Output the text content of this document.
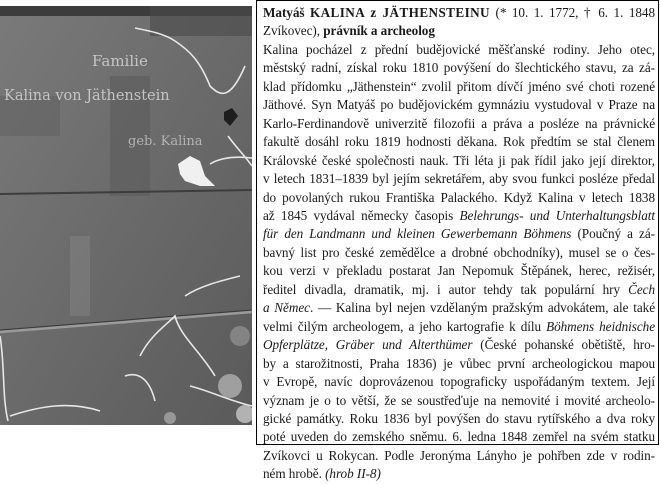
Familie
Kalina von Jäthenstein
geb. Kalina
Matyáš KALINA z JÄTHENSTEINU (* 10. 1. 1772, † 6. 1. 1848
Zvíkovec), právník a archeolog
Kalina pocházel z přední budějovické měšťanské rodiny. Jeho otec,
městský radní, získal roku 1810 povýšení do šlechtického stavu, za zá-
klad přídomku „Jäthenstein“ zvolil přitom dívčí jméno své choti rozené
Jäthové. Syn Matyáš po budějovickém gymnáziu vystudoval v Praze na
Karlo-Ferdinandově univerzitě filozofii a práva a posléze na právnické
fakultě dosáhl roku 1819 hodnosti děkana. Rok předtím se stal členem
Královské české společnosti nauk. Tři léta ji pak řídil jako její direktor,
v letech 1831–1839 byl jejím sekretářem, aby svou funkci posléze předal
do povolaných rukou Františka Palackého. Když Kalina v letech 1838
až 1845 vydával německy časopis Belehrungs- und Unterhaltungsblatt
für den Landmann und kleinen Gewerbemann Böhmens (Poučný a zá-
bavný list pro české zemědělce a drobné obchodníky), musel se o čes-
kou verzi v překladu postarat Jan Nepomuk Štěpánek, herec, režisér,
ředitel divadla, dramatik, mj. i autor tehdy tak populární hry Čech
a Němec. — Kalina byl nejen vzdělaným pražským advokátem, ale také
velmi čilým archeologem, a jeho kartografie k dílu Böhmens heidnische
Opferplätze, Gräber und Alterthümer (České pohanské obětiště, hro-
by a starožitnosti, Praha 1836) je vůbec první archeologickou mapou
v Evropě, navíc doprovázenou topograficky uspořádaným textem. Její
význam je o to větší, že se soustřeďuje na nemovité i movité archeolo-
gické památky. Roku 1836 byl povýšen do stavu rytířského a dva roky
poté uveden do zemského sněmu. 6. ledna 1848 zemřel na svém statku
Zvíkovci u Rokycan. Podle Jeronýma Lányho je pohřben zde v rodin-
ném hrobě. (hrob II-8)
